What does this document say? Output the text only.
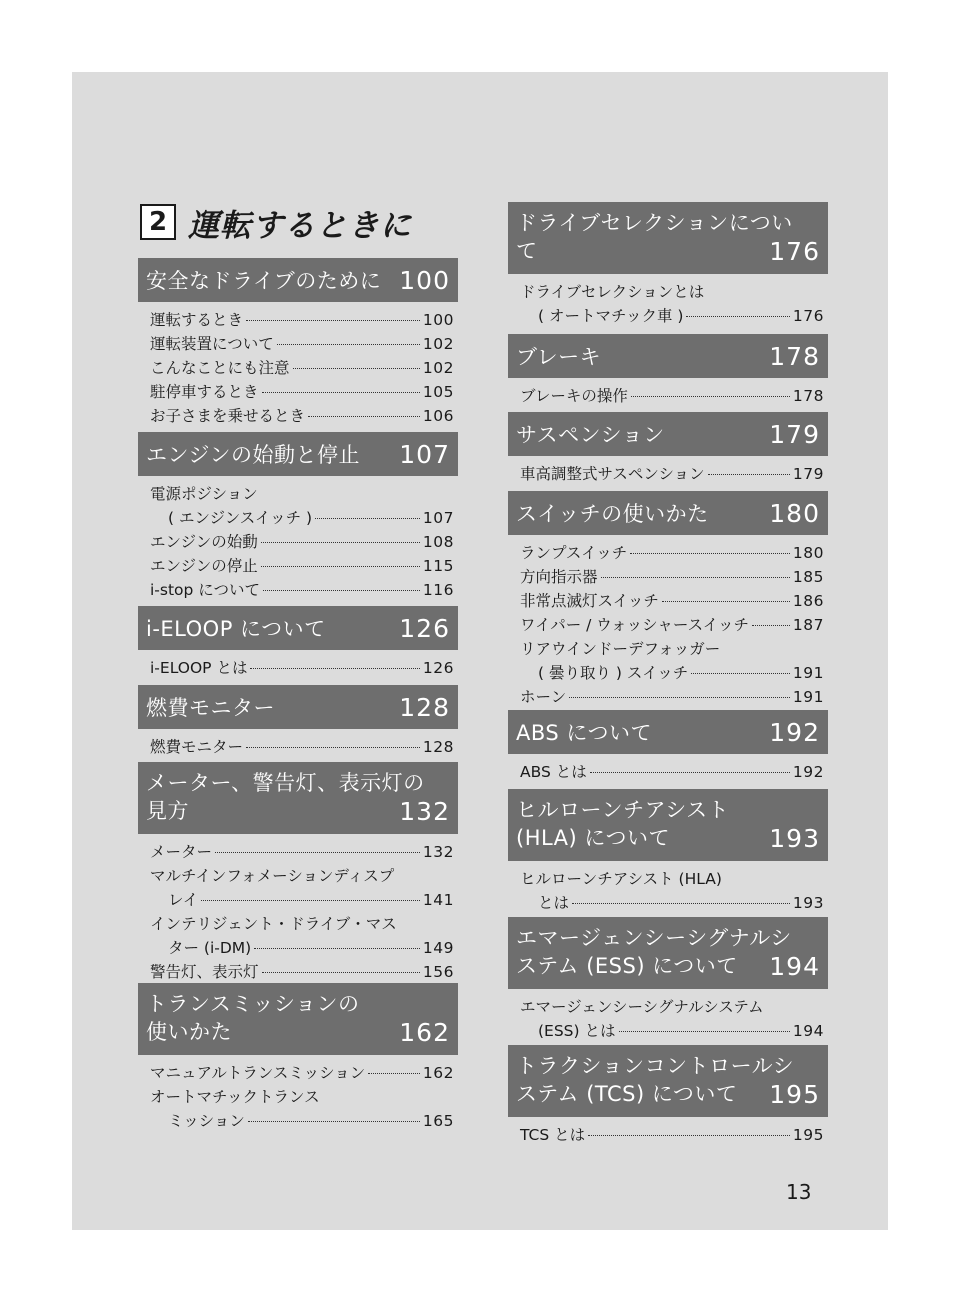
2 運転するときに
安全なドライブのために 100
運転するとき	100
運転装置について	102
こんなことにも注意	102
駐停車するとき	105
お子さまを乗せるとき	106
エンジンの始動と停止 107
電源ポジション
( エンジンスイッチ )	107
エンジンの始動	108
エンジンの停止	115
i-stop について	116
i-ELOOP について	126
i-ELOOP とは	126
燃費モニター	128
燃費モニター	128
メーター、警告灯、表示灯の
見方	132
メーター	132
マルチインフォメーションディスプ
レイ	141
インテリジェント・ドライブ・マス
ター (i-DM)	149
警告灯、表示灯	156
トランスミッションの
使いかた	162
マニュアルトランスミッション	162
オートマチックトランス
ミッション	165
ドライブセレクションについ
て	176
ドライブセレクションとは
( オートマチック車 )	176
ブレーキ	178
ブレーキの操作	178
サスペンション	179
車高調整式サスペンション	179
スイッチの使いかた 180
ランプスイッチ	180
方向指示器	185
非常点滅灯スイッチ	186
ワイパー / ウォッシャースイッチ	187
リアウインドーデフォッガー
( 曇り取り ) スイッチ	191
ホーン	191
ABS について	192
ABS とは	192
ヒルローンチアシスト
(HLA) について	193
ヒルローンチアシスト (HLA)
とは	193
エマージェンシーシグナルシ
ステム (ESS) について 194
エマージェンシーシグナルシステム
(ESS) とは	194
トラクションコントロールシ
ステム (TCS) について 195
TCS とは	195
13
